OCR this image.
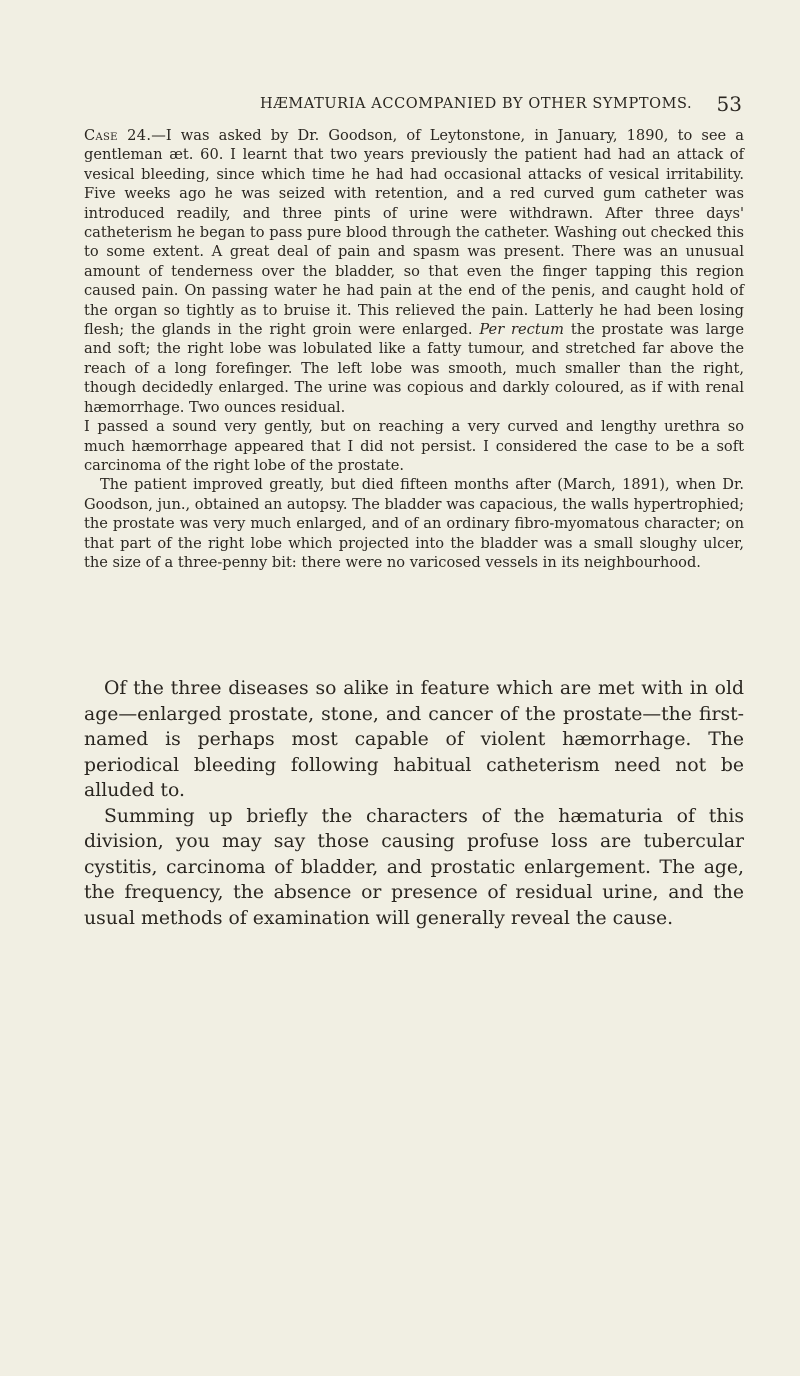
HÆMATURIA ACCOMPANIED BY OTHER SYMPTOMS. 53

Case 24.—I was asked by Dr. Goodson, of Leytonstone, in January, 1890, to see a gentleman æt. 60. I learnt that two years previously the patient had had an attack of vesical bleeding, since which time he had had occasional attacks of vesical irritability. Five weeks ago he was seized with retention, and a red curved gum catheter was introduced readily, and three pints of urine were withdrawn. After three days' catheterism he began to pass pure blood through the catheter. Washing out checked this to some extent. A great deal of pain and spasm was present. There was an unusual amount of tenderness over the bladder, so that even the finger tapping this region caused pain. On passing water he had pain at the end of the penis, and caught hold of the organ so tightly as to bruise it. This relieved the pain. Latterly he had been losing flesh; the glands in the right groin were enlarged. Per rectum the prostate was large and soft; the right lobe was lobulated like a fatty tumour, and stretched far above the reach of a long forefinger. The left lobe was smooth, much smaller than the right, though decidedly enlarged. The urine was copious and darkly coloured, as if with renal hæmorrhage. Two ounces residual.

I passed a sound very gently, but on reaching a very curved and lengthy urethra so much hæmorrhage appeared that I did not persist. I considered the case to be a soft carcinoma of the right lobe of the prostate.

The patient improved greatly, but died fifteen months after (March, 1891), when Dr. Goodson, jun., obtained an autopsy. The bladder was capacious, the walls hypertrophied; the prostate was very much enlarged, and of an ordinary fibro-myomatous character; on that part of the right lobe which projected into the bladder was a small sloughy ulcer, the size of a three-penny bit: there were no varicosed vessels in its neighbourhood.

Of the three diseases so alike in feature which are met with in old age—enlarged prostate, stone, and cancer of the prostate—the first-named is perhaps most capable of violent hæmorrhage. The periodical bleeding following habitual catheterism need not be alluded to.

Summing up briefly the characters of the hæmaturia of this division, you may say those causing profuse loss are tubercular cystitis, carcinoma of bladder, and prostatic enlargement. The age, the frequency, the absence or presence of residual urine, and the usual methods of examination will generally reveal the cause.
